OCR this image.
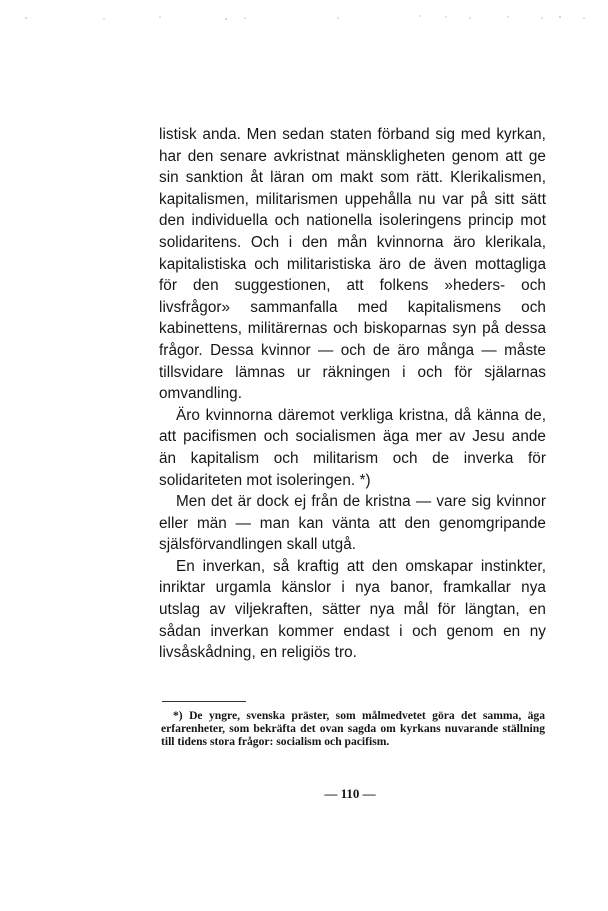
listisk anda. Men sedan staten förband sig med kyrkan, har den senare avkristnat mänskligheten genom att ge sin sanktion åt läran om makt som rätt. Klerikalismen, kapitalismen, militarismen uppehålla nu var på sitt sätt den individuella och nationella isoleringens princip mot solidaritens. Och i den mån kvinnorna äro klerikala, kapitalistiska och militaristiska äro de även mottagliga för den suggestionen, att folkens »heders- och livsfrågor» sammanfalla med kapitalismens och kabinettens, militärernas och biskoparnas syn på dessa frågor. Dessa kvinnor — och de äro många — måste tillsvidare lämnas ur räkningen i och för själarnas omvandling.

Äro kvinnorna däremot verkliga kristna, då känna de, att pacifismen och socialismen äga mer av Jesu ande än kapitalism och militarism och de inverka för solidariteten mot isoleringen. *)

Men det är dock ej från de kristna — vare sig kvinnor eller män — man kan vänta att den genomgripande själsförvandlingen skall utgå.

En inverkan, så kraftig att den omskapar instinkter, inriktar urgamla känslor i nya banor, framkallar nya utslag av viljekraften, sätter nya mål för längtan, en sådan inverkan kommer endast i och genom en ny livsåskådning, en religiös tro.

*) De yngre, svenska präster, som målmedvetet göra det samma, äga erfarenheter, som bekräfta det ovan sagda om kyrkans nuvarande ställning till tidens stora frågor: socialism och pacifism.
— 110 —
